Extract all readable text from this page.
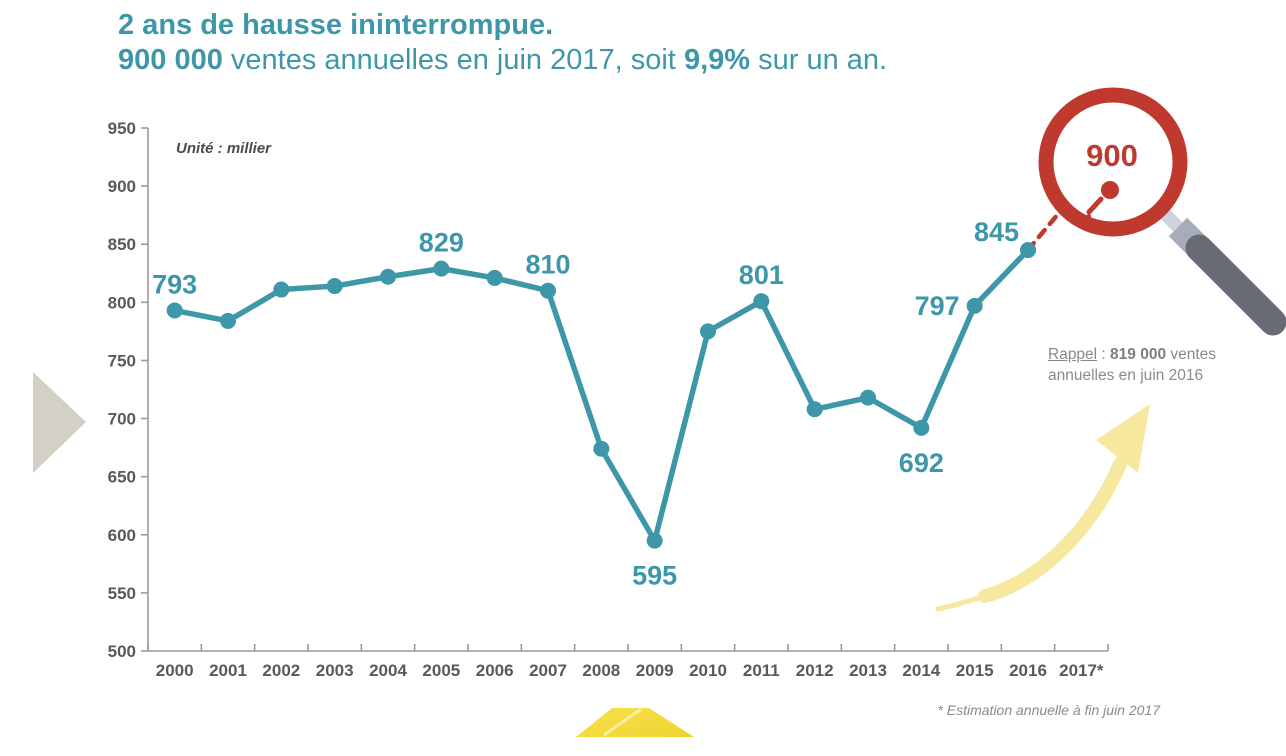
500
550
600
650
700
750
800
850
900
950
2000 2001 2002 2003 2004 2005 2006 2007 2008 2009 2010 2011 2012 2013 2014 2015 2016 2017*
793
829
810
595
801
692
797
845
900
2 ans de hausse ininterrompue.
900 000 ventes annuelles en juin 2017, soit 9,9% sur un an.
Unité : millier
Rappel : 819 000 ventes annuelles en juin 2016
* Estimation annuelle à fin juin 2017
